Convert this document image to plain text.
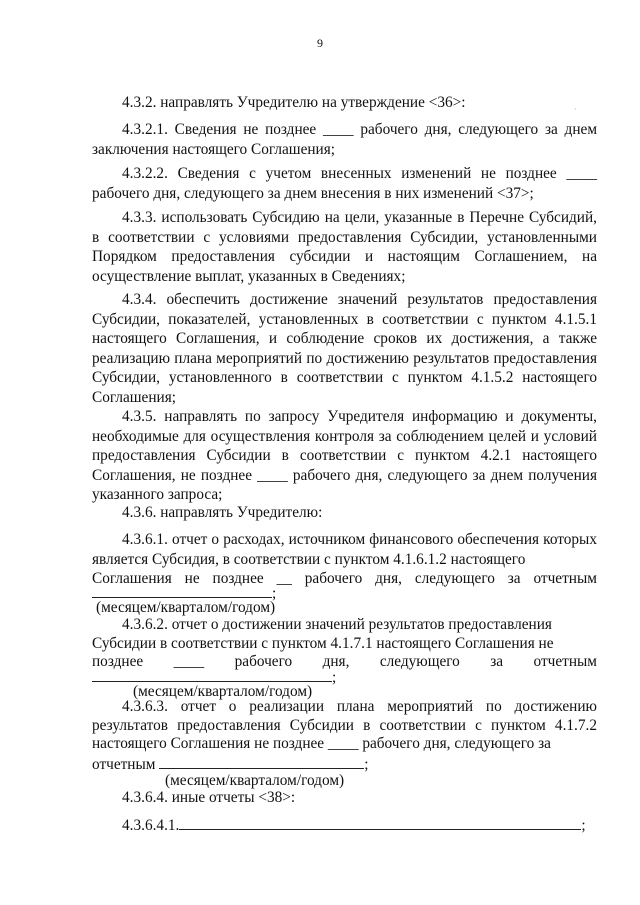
9
·
4.3.2. направлять Учредителю на утверждение <36>:
4.3.2.1. Сведения не позднее ____ рабочего дня, следующего за днем заключения настоящего Соглашения;
4.3.2.2. Сведения с учетом внесенных изменений не позднее ____ рабочего дня, следующего за днем внесения в них изменений <37>;
4.3.3. использовать Субсидию на цели, указанные в Перечне Субсидий, в соответствии с условиями предоставления Субсидии, установленными Порядком предоставления субсидии и настоящим Соглашением, на осуществление выплат, указанных в Сведениях;
4.3.4. обеспечить достижение значений результатов предоставления Субсидии, показателей, установленных в соответствии с пунктом 4.1.5.1 настоящего Соглашения, и соблюдение сроков их достижения, а также реализацию плана мероприятий по достижению результатов предоставления Субсидии, установленного в соответствии с пунктом 4.1.5.2 настоящего Соглашения;
4.3.5. направлять по запросу Учредителя информацию и документы, необходимые для осуществления контроля за соблюдением целей и условий предоставления Субсидии в соответствии с пунктом 4.2.1 настоящего Соглашения, не позднее ____ рабочего дня, следующего за днем получения указанного запроса;
4.3.6. направлять Учредителю:
4.3.6.1. отчет о расходах, источником финансового обеспечения которых является Субсидия, в соответствии с пунктом 4.1.6.1.2 настоящего
Соглашения не позднее __ рабочего дня, следующего за отчетным
;
(месяцем/кварталом/годом)
4.3.6.2. отчет о достижении значений результатов предоставления
Субсидии в соответствии с пунктом 4.1.7.1 настоящего Соглашения не
позднее ____ рабочего дня, следующего за отчетным
;
(месяцем/кварталом/годом)
4.3.6.3. отчет о реализации плана мероприятий по достижению результатов предоставления Субсидии в соответствии с пунктом 4.1.7.2 настоящего Соглашения не позднее ____ рабочего дня, следующего за
отчетным	;
(месяцем/кварталом/годом)
4.3.6.4. иные отчеты <38>:
4.3.6.4.1.	;
